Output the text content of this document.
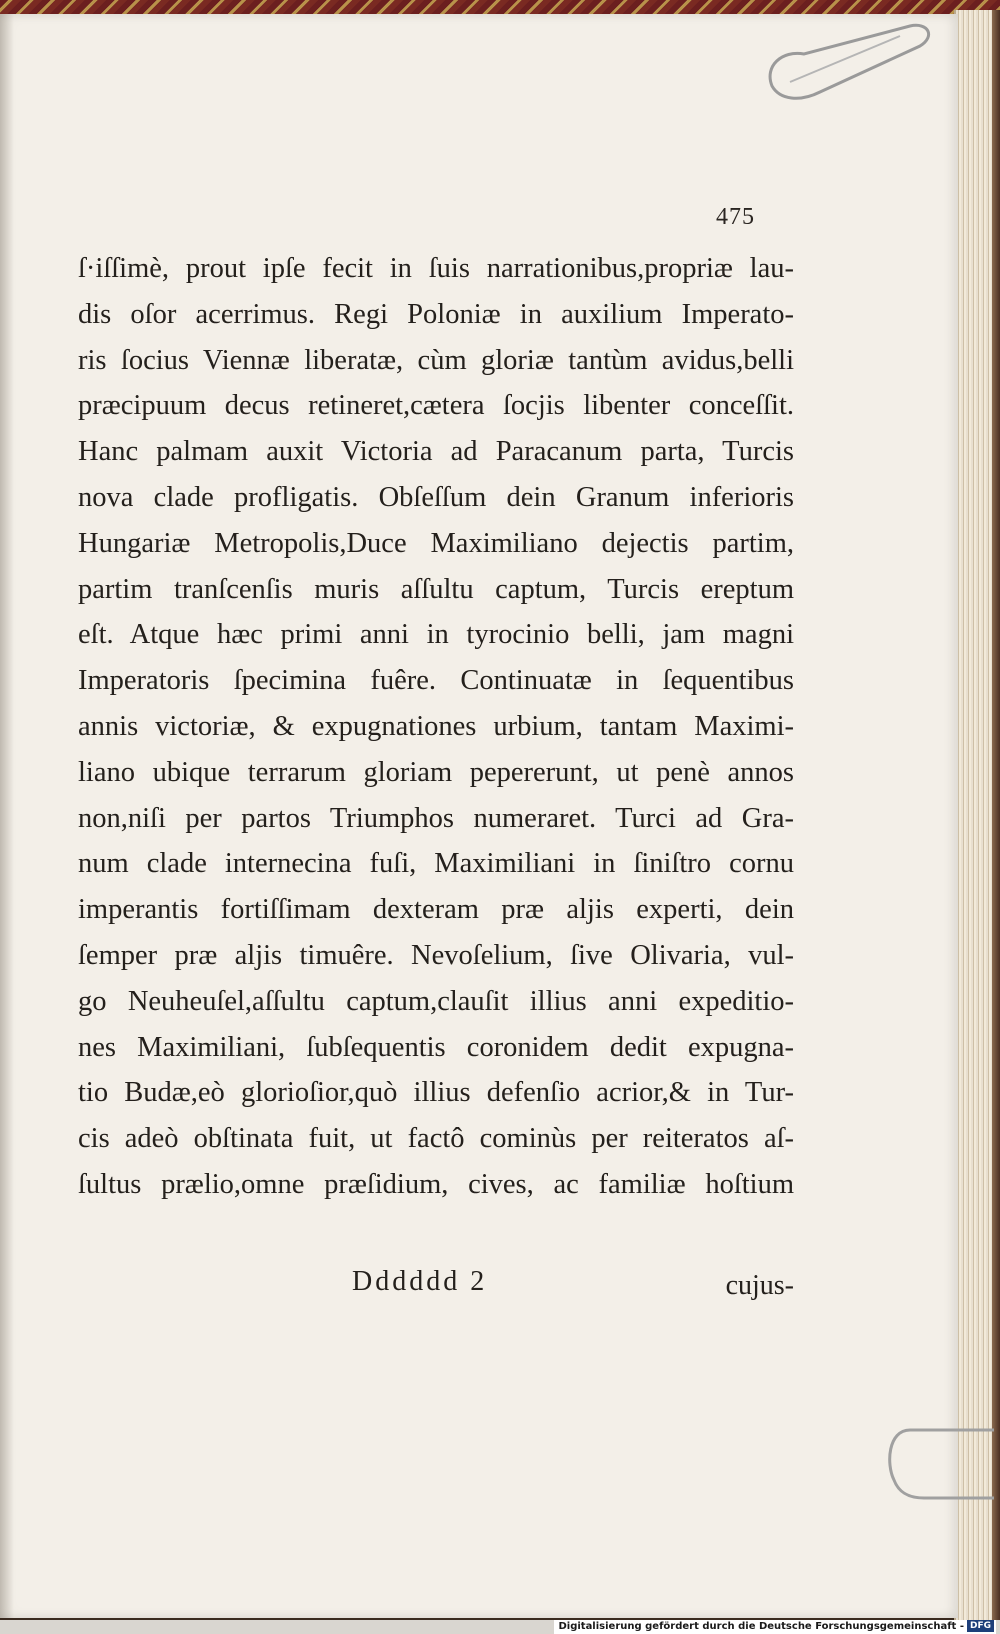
475
ſ·iſſimè, prout ipſe fecit in ſuis narrationibus,propriæ lau-
dis oſor acerrimus. Regi Poloniæ in auxilium Imperato-
ris ſocius Viennæ liberatæ, cùm gloriæ tantùm avidus,belli
præcipuum decus retineret,cætera ſocjis libenter conceſſit.
Hanc palmam auxit Victoria ad Paracanum parta, Turcis
nova clade profligatis. Obſeſſum dein Granum inferioris
Hungariæ Metropolis,Duce Maximiliano dejectis partim,
partim tranſcenſis muris aſſultu captum, Turcis ereptum
eſt. Atque hæc primi anni in tyrocinio belli, jam magni
Imperatoris ſpecimina fuêre. Continuatæ in ſequentibus
annis victoriæ, & expugnationes urbium, tantam Maximi-
liano ubique terrarum gloriam pepererunt, ut penè annos
non,niſi per partos Triumphos numeraret. Turci ad Gra-
num clade internecina fuſi, Maximiliani in ſiniſtro cornu
imperantis fortiſſimam dexteram præ aljis experti, dein
ſemper præ aljis timuêre. Nevoſelium, ſive Olivaria, vul-
go Neuheuſel,aſſultu captum,clauſit illius anni expeditio-
nes Maximiliani, ſubſequentis coronidem dedit expugna-
tio Budæ,eò glorioſior,quò illius defenſio acrior,& in Tur-
cis adeò obſtinata fuit, ut factô cominùs per reiteratos aſ-
ſultus prælio,omne præſidium, cives, ac familiæ hoſtium
Dddddd 2	cujus-
Digitalisierung gefördert durch die Deutsche Forschungsgemeinschaft - DFG
